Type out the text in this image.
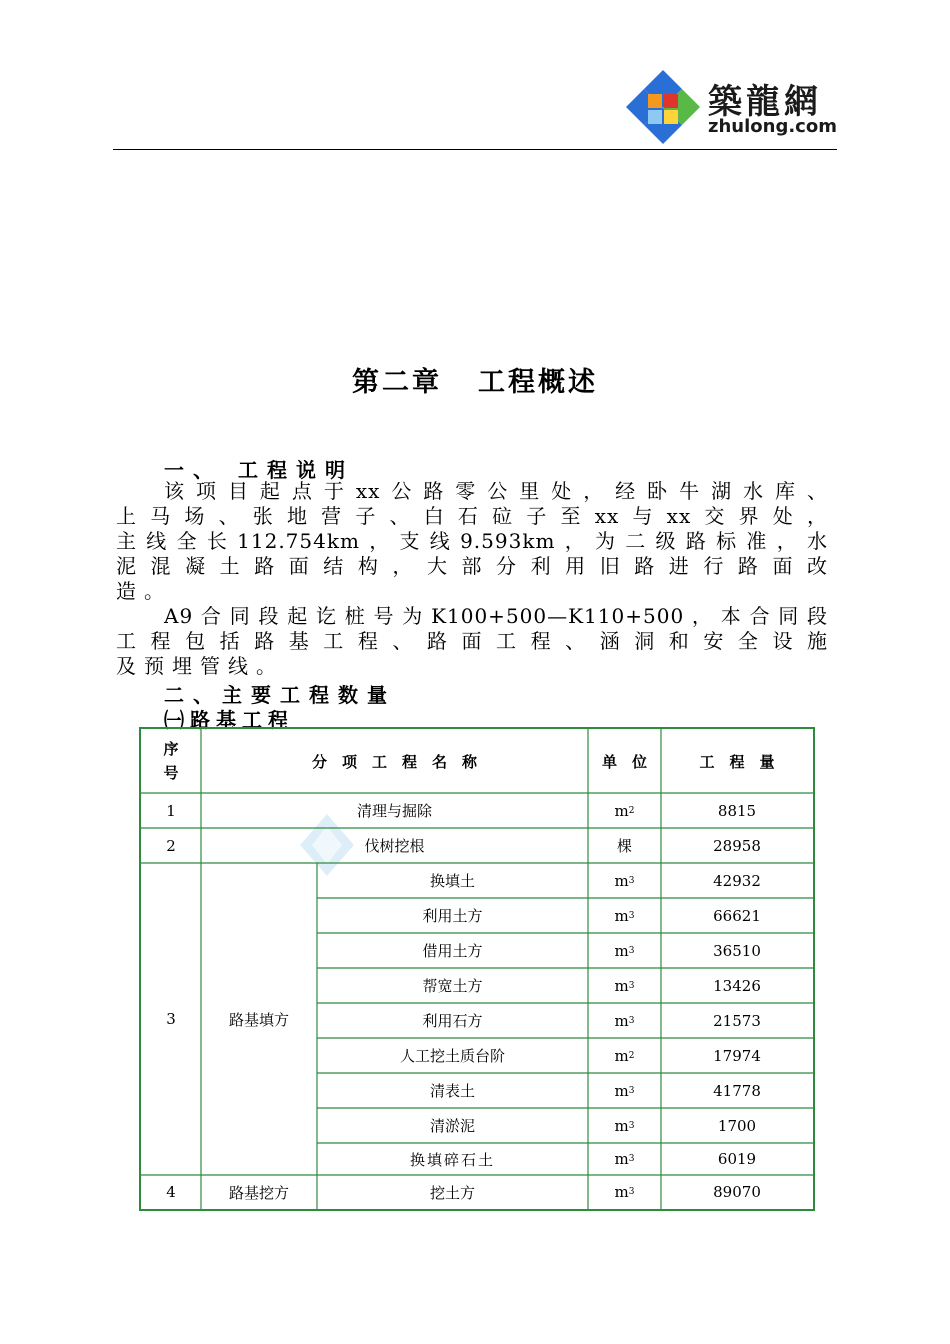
築龍網
zhulong.com
第二章 工程概述
一、 工程说明
该项目起点于xx公路零公里处，经卧牛湖水库、
上马场、张地营子、白石砬子至xx与xx交界处，
主线全长112.754km，支线9.593km，为二级路标准，水
泥混凝土路面结构，大部分利用旧路进行路面改
造。
A9合同段起讫桩号为K100+500—K110+500，本合同段
工程包括路基工程、路面工程、涵洞和安全设施
及预埋管线。
二、主要工程数量
㈠路基工程
序
号
分　项　工　程　名　称	单　位	工　程　量
1	清理与掘除	m 2	8815
2	伐树挖根	棵	28958
3	路基填方
换填土	m 3	42932
利用土方	m 3	66621
借用土方	m 3	36510
帮宽土方	m 3	13426
利用石方	m 3	21573
人工挖土质台阶	m 2	17974
清表土	m 3	41778
清淤泥	m 3	1700
换填碎石土	m 3	6019
4	路基挖方	挖土方	m 3	89070
